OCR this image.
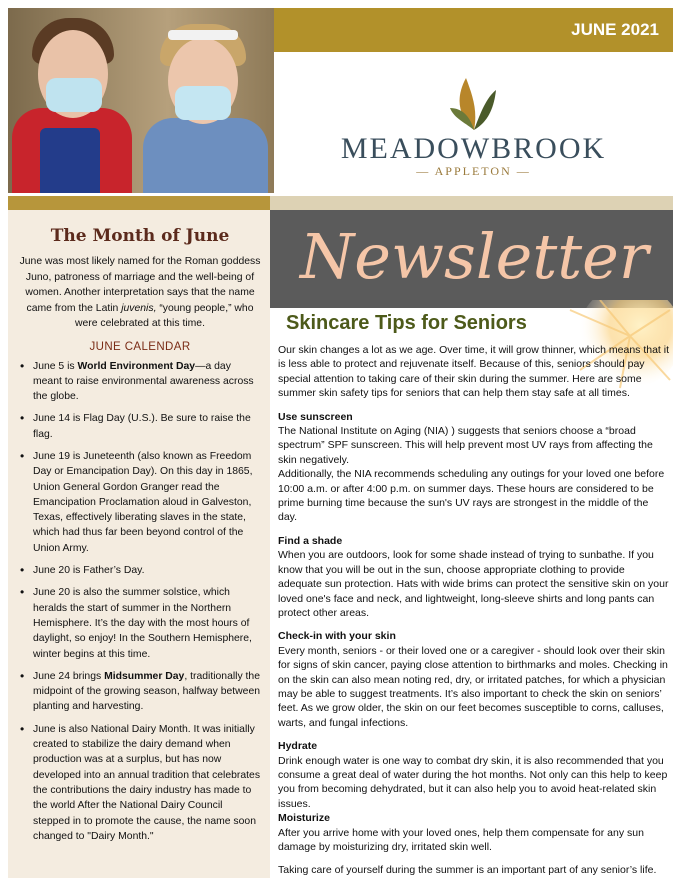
JUNE 2021
MEADOWBROOK
— APPLETON —
The Month of June

June was most likely named for the Roman goddess Juno, patroness of marriage and the well-being of women. Another interpretation says that the name came from the Latin juvenis, “young people,” who were celebrated at this time.

JUNE CALENDAR
• June 5 is World Environment Day—a day meant to raise environmental awareness across the globe.
• June 14 is Flag Day (U.S.). Be sure to raise the flag.
• June 19 is Juneteenth (also known as Freedom Day or Emancipation Day). On this day in 1865, Union General Gordon Granger read the Emancipation Proclamation aloud in Galveston, Texas, effectively liberating slaves in the state, which had thus far been beyond control of the Union Army.
• June 20 is Father’s Day.
• June 20 is also the summer solstice, which heralds the start of summer in the Northern Hemisphere. It’s the day with the most hours of daylight, so enjoy! In the Southern Hemisphere, winter begins at this time.
• June 24 brings Midsummer Day, traditionally the midpoint of the growing season, halfway between planting and harvesting.
• June is also National Dairy Month. It was initially created to stabilize the dairy demand when production was at a surplus, but has now developed into an annual tradition that celebrates the contributions the dairy industry has made to the world After the National Dairy Council stepped in to promote the cause, the name soon changed to "Dairy Month."
Newsletter
Skincare Tips for Seniors

Our skin changes a lot as we age. Over time, it will grow thinner, which means that it is less able to protect and rejuvenate itself. Because of this, seniors should pay special attention to taking care of their skin during the summer. Here are some summer skin safety tips for seniors that can help them stay safe at all times.

Use sunscreen

The National Institute on Aging (NIA) ) suggests that seniors choose a “broad spectrum” SPF sunscreen. This will help prevent most UV rays from affecting the skin negatively.

Additionally, the NIA recommends scheduling any outings for your loved one before 10:00 a.m. or after 4:00 p.m. on summer days. These hours are considered to be prime burning time because the sun's UV rays are strongest in the middle of the day.

Find a shade

When you are outdoors, look for some shade instead of trying to sunbathe. If you know that you will be out in the sun, choose appropriate clothing to provide adequate sun protection. Hats with wide brims can protect the sensitive skin on your loved one's face and neck, and lightweight, long-sleeve shirts and long pants can protect other areas.

Check-in with your skin

Every month, seniors - or their loved one or a caregiver - should look over their skin for signs of skin cancer, paying close attention to birthmarks and moles. Checking in on the skin can also mean noting red, dry, or irritated patches, for which a physician may be able to suggest treatments. It’s also important to check the skin on seniors’ feet. As we grow older, the skin on our feet becomes susceptible to corns, calluses, warts, and fungal infections.

Hydrate

Drink enough water is one way to combat dry skin, it is also recommended that you consume a great deal of water during the hot months. Not only can this help to keep you from becoming dehydrated, but it can also help you to avoid heat-related skin issues.

Moisturize

After you arrive home with your loved ones, help them compensate for any sun damage by moisturizing dry, irritated skin well.

Taking care of yourself during the summer is an important part of any senior’s life.
